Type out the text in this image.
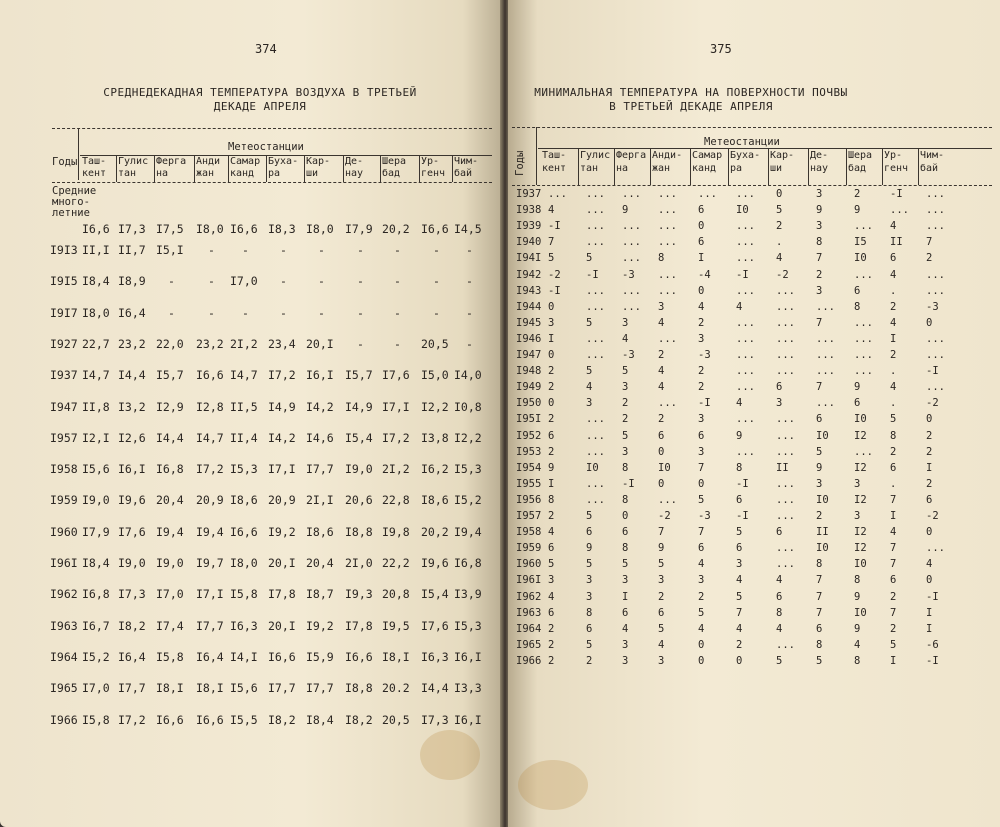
374
СРЕДНЕДЕКАДНАЯ ТЕМПЕРАТУРА ВОЗДУХА В ТРЕТЬЕЙ
ДЕКАДЕ АПРЕЛЯ
Метеостанции
Годы Таш-
кент
Гулис
тан
Ферга
на
Анди
жан
Самар
канд
Буха-
ра
Кар-
ши
Де-
нау
Шера
бад
Ур-
генч
Чим-
бай
Средние
много-
летние
I6,6 I7,3 I7,5 I8,0 I6,6 I8,3 I8,0 I7,9 20,2 I6,6 I4,5
I9I3 II,I II,7 I5,I - -	-	-	-	-	- -
I9I5 I8,4 I8,9 -	- I7,0 -	-	-	-	- -
I9I7 I8,0 I6,4 -	- -	-	-	-	-	- -
I927 22,7 23,2 22,0 23,2 2I,2 23,4 20,I -	- 20,5 -
I937 I4,7 I4,4 I5,7 I6,6 I4,7 I7,2 I6,I I5,7 I7,6 I5,0 I4,0
I947 II,8 I3,2 I2,9 I2,8 II,5 I4,9 I4,2 I4,9 I7,I I2,2 I0,8
I957 I2,I I2,6 I4,4 I4,7 II,4 I4,2 I4,6 I5,4 I7,2 I3,8 I2,2
I958 I5,6 I6,I I6,8 I7,2 I5,3 I7,I I7,7 I9,0 2I,2 I6,2 I5,3
I959 I9,0 I9,6 20,4 20,9 I8,6 20,9 2I,I 20,6 22,8 I8,6 I5,2
I960 I7,9 I7,6 I9,4 I9,4 I6,6 I9,2 I8,6 I8,8 I9,8 20,2 I9,4
I96I I8,4 I9,0 I9,0 I9,7 I8,0 20,I 20,4 2I,0 22,2 I9,6 I6,8
I962 I6,8 I7,3 I7,0 I7,I I5,8 I7,8 I8,7 I9,3 20,8 I5,4 I3,9
I963 I6,7 I8,2 I7,4 I7,7 I6,3 20,I I9,2 I7,8 I9,5 I7,6 I5,3
I964 I5,2 I6,4 I5,8 I6,4 I4,I I6,6 I5,9 I6,6 I8,I I6,3 I6,I
I965 I7,0 I7,7 I8,I I8,I I5,6 I7,7 I7,7 I8,8 20.2 I4,4 I3,3
I966 I5,8 I7,2 I6,6 I6,6 I5,5 I8,2 I8,4 I8,2 20,5 I7,3 I6,I
375
МИНИМАЛЬНАЯ ТЕМПЕРАТУРА НА ПОВЕРХНОСТИ ПОЧВЫ
В ТРЕТЬЕЙ ДЕКАДЕ АПРЕЛЯ
Метеостанции
Годы	Таш-
кент
Гулис
тан
Ферга
на
Анди-
жан
Самар
канд
Буха-
ра
Кар-
ши
Де-
нау
Шера
бад
Ур-
генч
Чим-
бай
I937 ... ... ... ... ... ... 0	3	2	-I ...
I938 4	... 9	... 6	I0	5	9	9	... ...
I939 -I ... ... ... 0	... 2	3	... 4	...
I940 7	... ... ... 6	... .	8	I5 II 7
I94I 5	5	... 8	I	... 4	7	I0 6	2
I942 -2 -I -3 ... -4 -I	-2	2	... 4	...
I943 -I ... ... ... 0	... ... 3	6	.	...
I944 0	... ... 3	4	4	... ... 8	2	-3
I945 3	5	3	4	2	... ... 7	... 4	0
I946 I	... 4	... 3	... ... ... ... I	...
I947 0	... -3 2	-3 ... ... ... ... 2	...
I948 2	5	5	4	2	... ... ... ... .	-I
I949 2	4	3	4	2	... 6	7	9	4	...
I950 0	3	2	... -I 4	3	... 6	.	-2
I95I 2	... 2	2	3	... ... 6	I0 5	0
I952 6	... 5	6	6	9	... I0 I2 8	2
I953 2	... 3	0	3	... ... 5	... 2	2
I954 9	I0 8	I0	7	8	II	9	I2 6	I
I955 I	... -I 0	0	-I	... 3	3	.	2
I956 8	... 8	... 5	6	... I0 I2 7	6
I957 2	5	0	-2	-3 -I	... 2	3	I	-2
I958 4	6	6	7	7	5	6	II I2 4	0
I959 6	9	8	9	6	6	... I0 I2 7	...
I960 5	5	5	5	4	3	... 8	I0 7	4
I96I 3	3	3	3	3	4	4	7	8	6	0
I962 4	3	I	2	2	5	6	7	9	2	-I
I963 6	8	6	6	5	7	8	7	I0 7	I
I964 2	6	4	5	4	4	4	6	9	2	I
I965 2	5	3	4	0	2	... 8	4	5	-6
I966 2	2	3	3	0	0	5	5	8	I	-I
